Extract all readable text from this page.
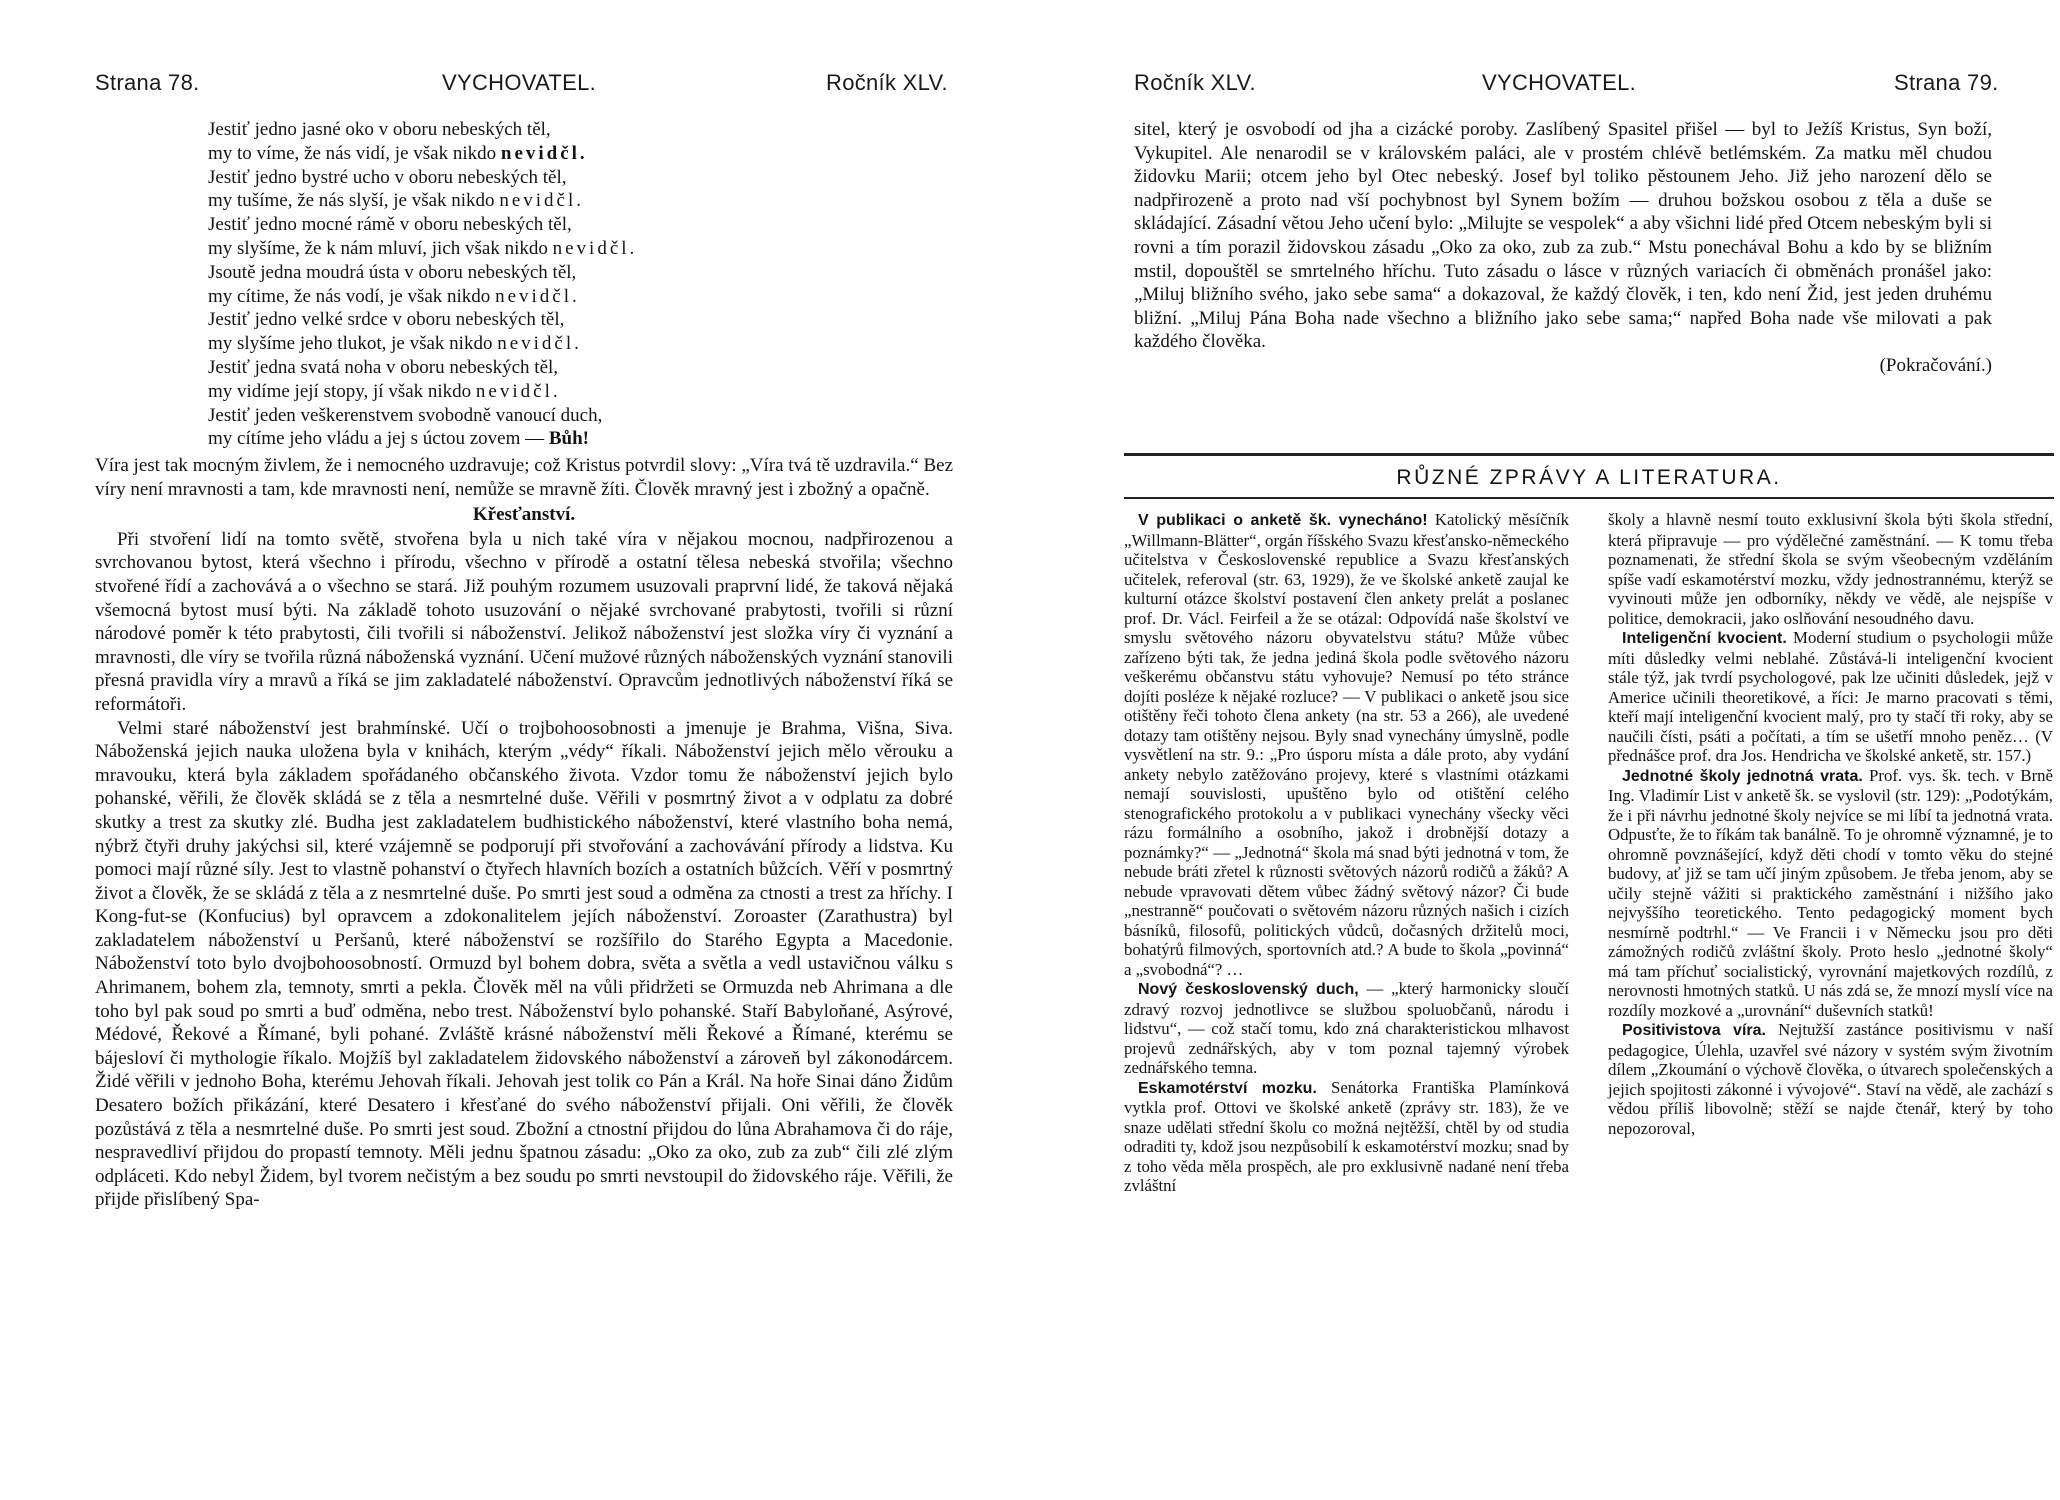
Strana 78.	VYCHOVATEL.	Ročník XLV.
Jestiť jedno jasné oko v oboru nebeských těl,
my to víme, že nás vidí, je však nikdo nevidčl.
Jestiť jedno bystré ucho v oboru nebeských těl,
my tušíme, že nás slyší, je však nikdo nevidčl.
Jestiť jedno mocné rámě v oboru nebeských těl,
my slyšíme, že k nám mluví, jich však nikdo nevidčl.
Jsoutě jedna moudrá ústa v oboru nebeských těl,
my cítime, že nás vodí, je však nikdo nevidčl.
Jestiť jedno velké srdce v oboru nebeských těl,
my slyšíme jeho tlukot, je však nikdo nevidčl.
Jestiť jedna svatá noha v oboru nebeských těl,
my vidíme její stopy, jí však nikdo nevidčl.
Jestiť jeden veškerenstvem svobodně vanoucí duch,
my cítíme jeho vládu a jej s úctou zovem — Bůh!

Víra jest tak mocným živlem, že i nemocného uzdravuje; což Kristus potvrdil slovy: „Víra tvá tě uzdravila.“ Bez víry není mravnosti a tam, kde mravnosti není, nemůže se mravně žíti. Člověk mravný jest i zbožný a opačně.

Křesťanství.

Při stvoření lidí na tomto světě, stvořena byla u nich také víra v nějakou mocnou, nadpřirozenou a svrchovanou bytost, která všechno i přírodu, všechno v přírodě a ostatní tělesa nebeská stvořila; všechno stvořené řídí a zachovává a o všechno se stará. Již pouhým rozumem usuzovali praprvní lidé, že taková nějaká všemocná bytost musí býti. Na základě tohoto usuzování o nějaké svrchované prabytosti, tvořili si různí národové poměr k této prabytosti, čili tvořili si náboženství. Jelikož náboženství jest složka víry či vyznání a mravnosti, dle víry se tvořila různá náboženská vyznání. Učení mužové různých náboženských vyznání stanovili přesná pravidla víry a mravů a říká se jim zakladatelé náboženství. Opravcům jednotlivých náboženství říká se reformátoři.

Velmi staré náboženství jest brahmínské. Učí o trojbohoosobnosti a jmenuje je Brahma, Višna, Siva. Náboženská jejich nauka uložena byla v knihách, kterým „védy“ říkali. Náboženství jejich mělo věrouku a mravouku, která byla základem spořádaného občanského života. Vzdor tomu že náboženství jejich bylo pohanské, věřili, že člověk skládá se z těla a nesmrtelné duše. Věřili v posmrtný život a v odplatu za dobré skutky a trest za skutky zlé. Budha jest zakladatelem budhistického náboženství, které vlastního boha nemá, nýbrž čtyři druhy jakýchsi sil, které vzájemně se podporují při stvořování a zachovávání přírody a lidstva. Ku pomoci mají různé síly. Jest to vlastně pohanství o čtyřech hlavních bozích a ostatních bůžcích. Věří v posmrtný život a člověk, že se skládá z těla a z nesmrtelné duše. Po smrti jest soud a odměna za ctnosti a trest za hříchy. I Kong-fut-se (Konfucius) byl opravcem a zdokonalitelem jejích náboženství. Zoroaster (Zarathustra) byl zakladatelem náboženství u Peršanů, které náboženství se rozšířilo do Starého Egypta a Macedonie. Náboženství toto bylo dvojbohoosobností. Ormuzd byl bohem dobra, světa a světla a vedl ustavičnou válku s Ahrimanem, bohem zla, temnoty, smrti a pekla. Člověk měl na vůli přidržeti se Ormuzda neb Ahrimana a dle toho byl pak soud po smrti a buď odměna, nebo trest. Náboženství bylo pohanské. Staří Babyloňané, Asýrové, Médové, Řekové a Římané, byli pohané. Zvláště krásné náboženství měli Řekové a Římané, kterému se bájesloví či mythologie říkalo. Mojžíš byl zakladatelem židovského náboženství a zároveň byl zákonodárcem. Židé věřili v jednoho Boha, kterému Jehovah říkali. Jehovah jest tolik co Pán a Král. Na hoře Sinai dáno Židům Desatero božích přikázání, které Desatero i křesťané do svého náboženství přijali. Oni věřili, že člověk pozůstává z těla a nesmrtelné duše. Po smrti jest soud. Zbožní a ctnostní přijdou do lůna Abrahamova či do ráje, nespravedliví přijdou do propastí temnoty. Měli jednu špatnou zásadu: „Oko za oko, zub za zub“ čili zlé zlým odpláceti. Kdo nebyl Židem, byl tvorem nečistým a bez soudu po smrti nevstoupil do židovského ráje. Věřili, že přijde přislíbený Spa-

Ročník XLV.	VYCHOVATEL.	Strana 79.

sitel, který je osvobodí od jha a cizácké poroby. Zaslíbený Spasitel přišel — byl to Ježíš Kristus, Syn boží, Vykupitel. Ale nenarodil se v královském paláci, ale v prostém chlévě betlémském. Za matku měl chudou židovku Marii; otcem jeho byl Otec nebeský. Josef byl toliko pěstounem Jeho. Již jeho narození dělo se nadpřirozeně a proto nad vší pochybnost byl Synem božím — druhou božskou osobou z těla a duše se skládající. Zásadní větou Jeho učení bylo: „Milujte se vespolek“ a aby všichni lidé před Otcem nebeským byli si rovni a tím porazil židovskou zásadu „Oko za oko, zub za zub.“ Mstu ponechával Bohu a kdo by se bližním mstil, dopouštěl se smrtelného hříchu. Tuto zásadu o lásce v různých variacích či obměnách pronášel jako: „Miluj bližního svého, jako sebe sama“ a dokazoval, že každý člověk, i ten, kdo není Žid, jest jeden druhému bližní. „Miluj Pána Boha nade všechno a bližního jako sebe sama;“ napřed Boha nade vše milovati a pak každého člověka.

(Pokračování.)
RŮZNÉ ZPRÁVY A LITERATURA.

V publikaci o anketě šk. vynecháno! Katolický měsíčník „Willmann-Blätter“, orgán říšského Svazu křesťansko-německého učitelstva v Československé republice a Svazu křesťanských učitelek, referoval (str. 63, 1929), že ve školské anketě zaujal ke kulturní otázce školství postavení člen ankety prelát a poslanec prof. Dr. Václ. Feirfeil a že se otázal: Odpovídá naše školství ve smyslu světového názoru obyvatelstvu státu? Může vůbec zařízeno býti tak, že jedna jediná škola podle světového názoru veškerému občanstvu státu vyhovuje? Nemusí po této stránce dojíti posléze k nějaké rozluce? — V publikaci o anketě jsou sice otištěny řeči tohoto člena ankety (na str. 53 a 266), ale uvedené dotazy tam otištěny nejsou. Byly snad vynechány úmyslně, podle vysvětlení na str. 9.: „Pro úsporu místa a dále proto, aby vydání ankety nebylo zatěžováno projevy, které s vlastními otázkami nemají souvislosti, upuštěno bylo od otištění celého stenografického protokolu a v publikaci vynechány všecky věci rázu formálního a osobního, jakož i drobnější dotazy a poznámky?“ — „Jednotná“ škola má snad býti jednotná v tom, že nebude bráti zřetel k různosti světových názorů rodičů a žáků? A nebude vpravovati dětem vůbec žádný světový názor? Či bude „nestranně“ poučovati o světovém názoru různých našich i cizích básníků, filosofů, politických vůdců, dočasných držitelů moci, bohatýrů filmových, sportovních atd.? A bude to škola „povinná“ a „svobodná“? …

Nový československý duch, — „který harmonicky sloučí zdravý rozvoj jednotlivce se službou spoluobčanů, národu i lidstvu“, — což stačí tomu, kdo zná charakteristickou mlhavost projevů zednářských, aby v tom poznal tajemný výrobek zednářského temna.

Eskamotérství mozku. Senátorka Františka Plamínková vytkla prof. Ottovi ve školské anketě (zprávy str. 183), že ve snaze udělati střední školu co možná nejtěžší, chtěl by od studia odraditi ty, kdož jsou nezpůsobilí k eskamotérství mozku; snad by z toho věda měla prospěch, ale pro exklusivně nadané není třeba zvláštní

školy a hlavně nesmí touto exklusivní škola býti škola střední, která připravuje — pro výdělečné zaměstnání. — K tomu třeba poznamenati, že střední škola se svým všeobecným vzděláním spíše vadí eskamotérství mozku, vždy jednostrannému, kterýž se vyvinouti může jen odborníky, někdy ve vědě, ale nejspíše v politice, demokracii, jako oslňování nesoudného davu.

Inteligenční kvocient. Moderní studium o psychologii může míti důsledky velmi neblahé. Zůstává-li inteligenční kvocient stále týž, jak tvrdí psychologové, pak lze učiniti důsledek, jejž v Americe učinili theoretikové, a říci: Je marno pracovati s těmi, kteří mají inteligenční kvocient malý, pro ty stačí tři roky, aby se naučili čísti, psáti a počítati, a tím se ušetří mnoho peněz… (V přednášce prof. dra Jos. Hendricha ve školské anketě, str. 157.)

Jednotné školy jednotná vrata. Prof. vys. šk. tech. v Brně Ing. Vladimír List v anketě šk. se vyslovil (str. 129): „Podotýkám, že i při návrhu jednotné školy nejvíce se mi líbí ta jednotná vrata. Odpusťte, že to říkám tak banálně. To je ohromně významné, je to ohromně povznášející, když děti chodí v tomto věku do stejné budovy, ať již se tam učí jiným způsobem. Je třeba jenom, aby se učily stejně vážiti si praktického zaměstnání i nižšího jako nejvyššího teoretického. Tento pedagogický moment bych nesmírně podtrhl.“ — Ve Francii i v Německu jsou pro děti zámožných rodičů zvláštní školy. Proto heslo „jednotné školy“ má tam příchuť socialistický, vyrovnání majetkových rozdílů, z nerovnosti hmotných statků. U nás zdá se, že mnozí myslí více na rozdíly mozkové a „urovnání“ duševních statků!

Positivistova víra. Nejtužší zastánce positivismu v naší pedagogice, Úlehla, uzavřel své názory v systém svým životním dílem „Zkoumání o výchově člověka, o útvarech společenských a jejich spojitosti zákonné i vývojové“. Staví na vědě, ale zachází s vědou příliš libovolně; stěží se najde čtenář, který by toho nepozoroval,
